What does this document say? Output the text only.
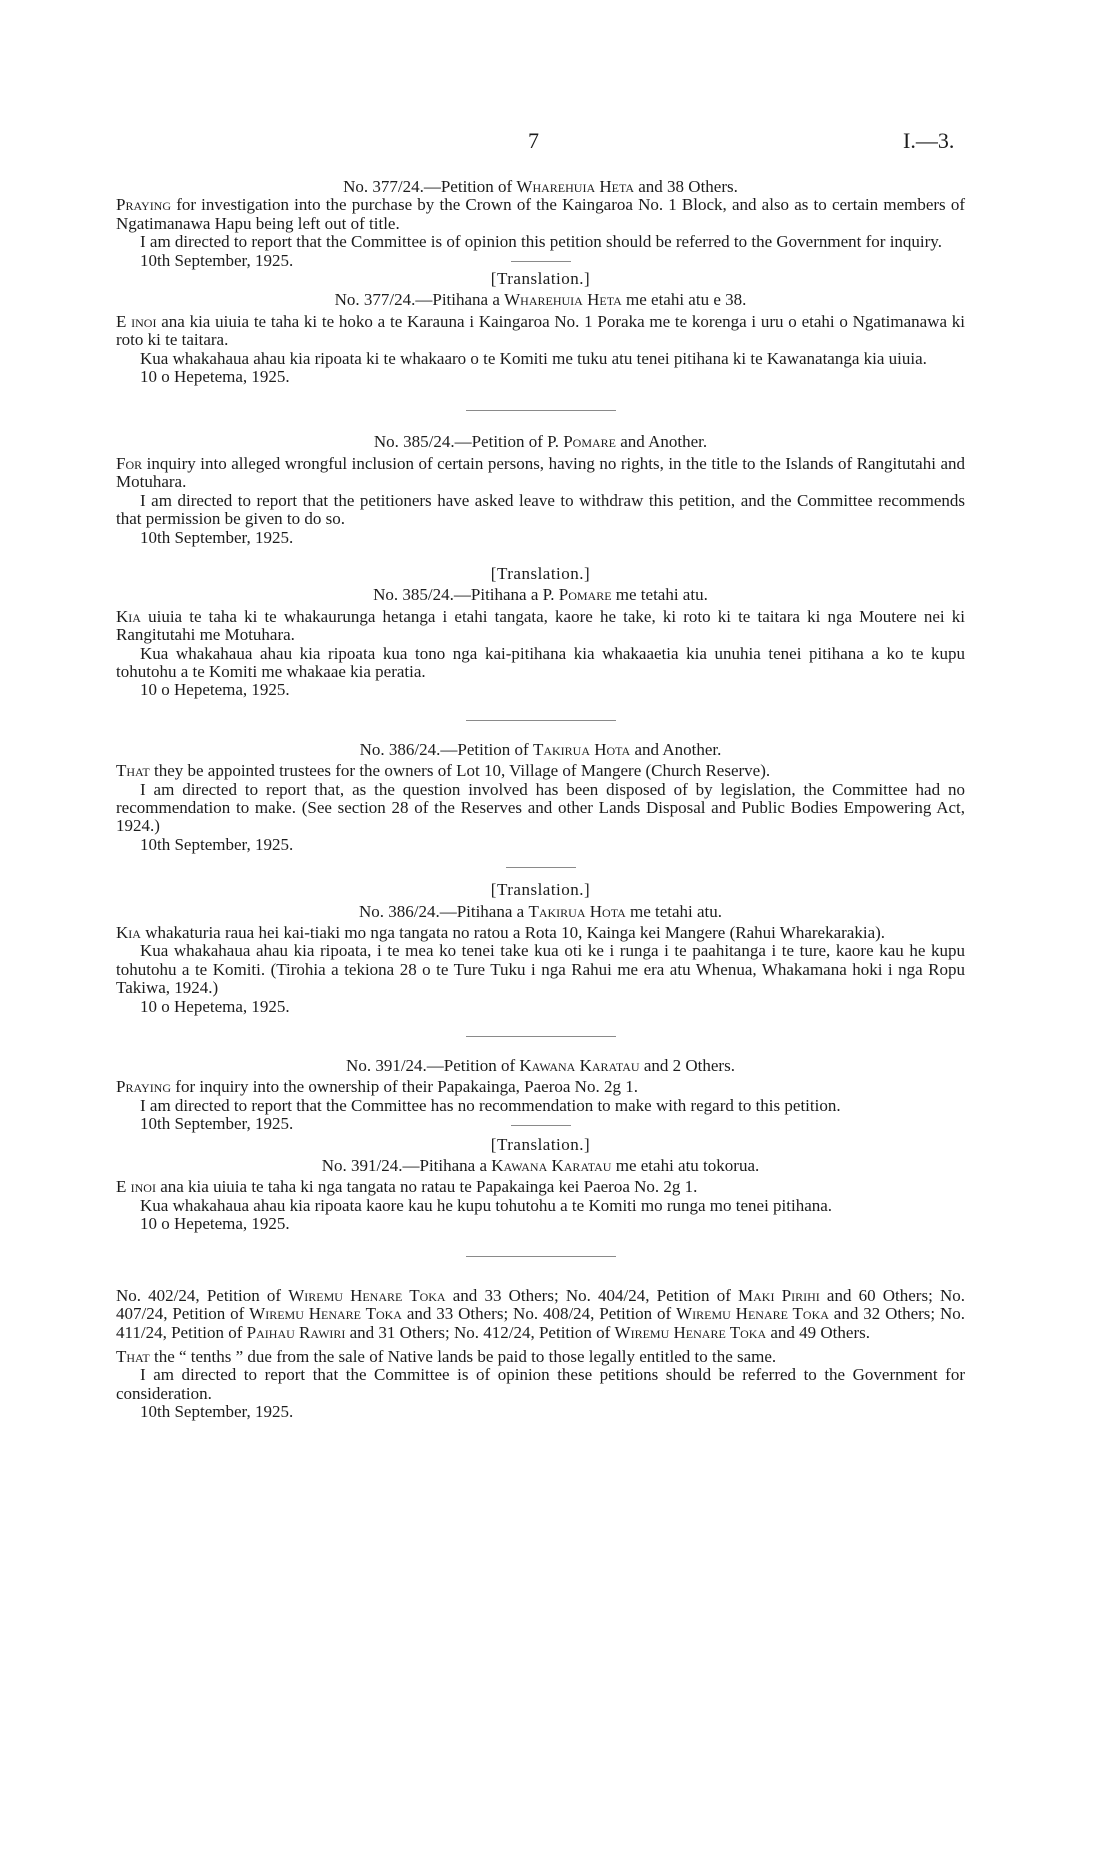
7	I.—3.

No. 377/24.—Petition of Wharehuia Heta and 38 Others.

Praying for investigation into the purchase by the Crown of the Kaingaroa No. 1 Block, and also as to certain members of Ngatimanawa Hapu being left out of title.

I am directed to report that the Committee is of opinion this petition should be referred to the Government for inquiry.

10th September, 1925.

[Translation.]

No. 377/24.—Pitihana a Wharehuia Heta me etahi atu e 38.

E inoi ana kia uiuia te taha ki te hoko a te Karauna i Kaingaroa No. 1 Poraka me te korenga i uru o etahi o Ngatimanawa ki roto ki te taitara.

Kua whakahaua ahau kia ripoata ki te whakaaro o te Komiti me tuku atu tenei pitihana ki te Kawanatanga kia uiuia.

10 o Hepetema, 1925.

No. 385/24.—Petition of P. Pomare and Another.

For inquiry into alleged wrongful inclusion of certain persons, having no rights, in the title to the Islands of Rangitutahi and Motuhara.

I am directed to report that the petitioners have asked leave to withdraw this petition, and the Committee recommends that permission be given to do so.

10th September, 1925.

[Translation.]

No. 385/24.—Pitihana a P. Pomare me tetahi atu.

Kia uiuia te taha ki te whakaurunga hetanga i etahi tangata, kaore he take, ki roto ki te taitara ki nga Moutere nei ki Rangitutahi me Motuhara.

Kua whakahaua ahau kia ripoata kua tono nga kai-pitihana kia whakaaetia kia unuhia tenei pitihana a ko te kupu tohutohu a te Komiti me whakaae kia peratia.

10 o Hepetema, 1925.

No. 386/24.—Petition of Takirua Hota and Another.

That they be appointed trustees for the owners of Lot 10, Village of Mangere (Church Reserve).

I am directed to report that, as the question involved has been disposed of by legislation, the Committee had no recommendation to make. (See section 28 of the Reserves and other Lands Disposal and Public Bodies Empowering Act, 1924.)

10th September, 1925.

[Translation.]

No. 386/24.—Pitihana a Takirua Hota me tetahi atu.

Kia whakaturia raua hei kai-tiaki mo nga tangata no ratou a Rota 10, Kainga kei Mangere (Rahui Wharekarakia).

Kua whakahaua ahau kia ripoata, i te mea ko tenei take kua oti ke i runga i te paahitanga i te ture, kaore kau he kupu tohutohu a te Komiti. (Tirohia a tekiona 28 o te Ture Tuku i nga Rahui me era atu Whenua, Whakamana hoki i nga Ropu Takiwa, 1924.)

10 o Hepetema, 1925.

No. 391/24.—Petition of Kawana Karatau and 2 Others.

Praying for inquiry into the ownership of their Papakainga, Paeroa No. 2g 1.

I am directed to report that the Committee has no recommendation to make with regard to this petition.

10th September, 1925.

[Translation.]

No. 391/24.—Pitihana a Kawana Karatau me etahi atu tokorua.

E inoi ana kia uiuia te taha ki nga tangata no ratau te Papakainga kei Paeroa No. 2g 1.

Kua whakahaua ahau kia ripoata kaore kau he kupu tohutohu a te Komiti mo runga mo tenei pitihana.

10 o Hepetema, 1925.

No. 402/24, Petition of Wiremu Henare Toka and 33 Others; No. 404/24, Petition of Maki Pirihi and 60 Others; No. 407/24, Petition of Wiremu Henare Toka and 33 Others; No. 408/24, Petition of Wiremu Henare Toka and 32 Others; No. 411/24, Petition of Paihau Rawiri and 31 Others; No. 412/24, Petition of Wiremu Henare Toka and 49 Others.

That the “ tenths ” due from the sale of Native lands be paid to those legally entitled to the same.

I am directed to report that the Committee is of opinion these petitions should be referred to the Government for consideration.

10th September, 1925.
